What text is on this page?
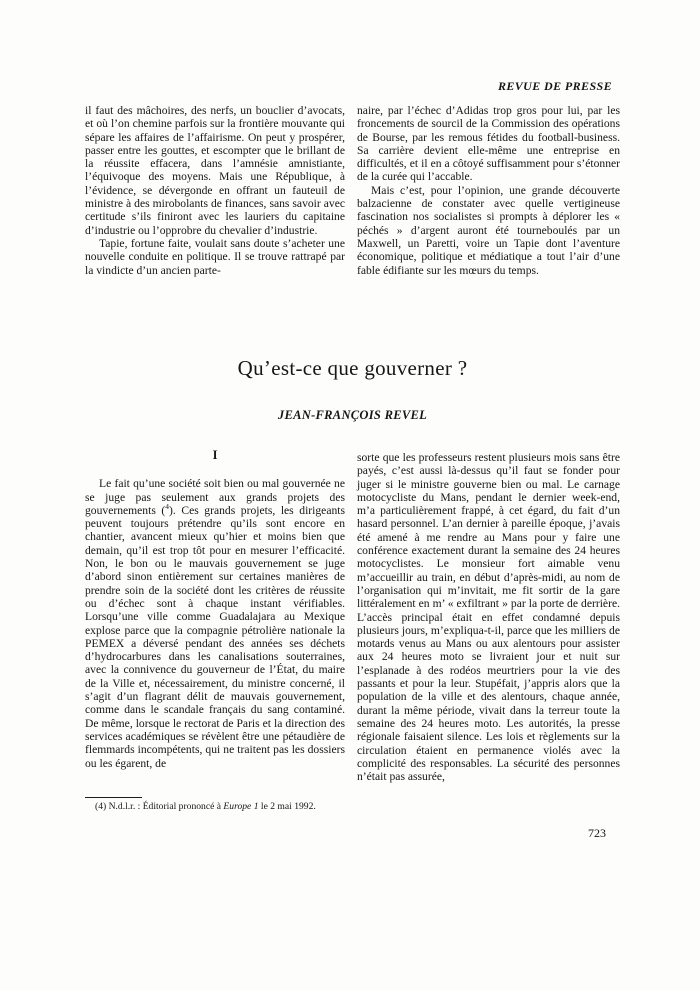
REVUE DE PRESSE

il faut des mâchoires, des nerfs, un bouclier d’avocats, et où l’on chemine parfois sur la frontière mouvante qui sépare les affaires de l’affairisme. On peut y prospérer, passer entre les gouttes, et escompter que le brillant de la réussite effacera, dans l’amnésie amnistiante, l’équivoque des moyens. Mais une République, à l’évidence, se dévergonde en offrant un fauteuil de ministre à des mirobolants de finances, sans savoir avec certitude s’ils finiront avec les lauriers du capitaine d’industrie ou l’opprobre du chevalier d’industrie.

Tapie, fortune faite, voulait sans doute s’acheter une nouvelle conduite en politique. Il se trouve rattrapé par la vindicte d’un ancien parte-

naire, par l’échec d’Adidas trop gros pour lui, par les froncements de sourcil de la Commission des opérations de Bourse, par les remous fétides du football-business. Sa carrière devient elle-même une entreprise en difficultés, et il en a côtoyé suffisamment pour s’étonner de la curée qui l’accable.

Mais c’est, pour l’opinion, une grande découverte balzacienne de constater avec quelle vertigineuse fascination nos socialistes si prompts à déplorer les « péchés » d’argent auront été tourneboulés par un Maxwell, un Paretti, voire un Tapie dont l’aventure économique, politique et médiatique a tout l’air d’une fable édifiante sur les mœurs du temps.

Qu’est-ce que gouverner ?
JEAN-FRANÇOIS REVEL
I

Le fait qu’une société soit bien ou mal gouvernée ne se juge pas seulement aux grands projets des gouvernements ($^4$). Ces grands projets, les dirigeants peuvent toujours prétendre qu’ils sont encore en chantier, avancent mieux qu’hier et moins bien que demain, qu’il est trop tôt pour en mesurer l’efficacité. Non, le bon ou le mauvais gouvernement se juge d’abord sinon entièrement sur certaines manières de prendre soin de la société dont les critères de réussite ou d’échec sont à chaque instant vérifiables. Lorsqu’une ville comme Guadalajara au Mexique explose parce que la compagnie pétrolière nationale la PEMEX a déversé pendant des années ses déchets d’hydrocarbures dans les canalisations souterraines, avec la connivence du gouverneur de l’État, du maire de la Ville et, nécessairement, du ministre concerné, il s’agit d’un flagrant délit de mauvais gouvernement, comme dans le scandale français du sang contaminé. De même, lorsque le rectorat de Paris et la direction des services académiques se révèlent être une pétaudière de flemmards incompétents, qui ne traitent pas les dossiers ou les égarent, de

sorte que les professeurs restent plusieurs mois sans être payés, c’est aussi là-dessus qu’il faut se fonder pour juger si le ministre gouverne bien ou mal. Le carnage motocycliste du Mans, pendant le dernier week-end, m’a particulièrement frappé, à cet égard, du fait d’un hasard personnel. L’an dernier à pareille époque, j’avais été amené à me rendre au Mans pour y faire une conférence exactement durant la semaine des 24 heures motocyclistes. Le monsieur fort aimable venu m’accueillir au train, en début d’après-midi, au nom de l’organisation qui m’invitait, me fit sortir de la gare littéralement en m’ « exfiltrant » par la porte de derrière. L’accès principal était en effet condamné depuis plusieurs jours, m’expliqua-t-il, parce que les milliers de motards venus au Mans ou aux alentours pour assister aux 24 heures moto se livraient jour et nuit sur l’esplanade à des rodéos meurtriers pour la vie des passants et pour la leur. Stupéfait, j’appris alors que la population de la ville et des alentours, chaque année, durant la même période, vivait dans la terreur toute la semaine des 24 heures moto. Les autorités, la presse régionale faisaient silence. Les lois et règlements sur la circulation étaient en permanence violés avec la complicité des responsables. La sécurité des personnes n’était pas assurée,

(4) N.d.l.r. : Éditorial prononcé à Europe 1 le 2 mai 1992.

723
